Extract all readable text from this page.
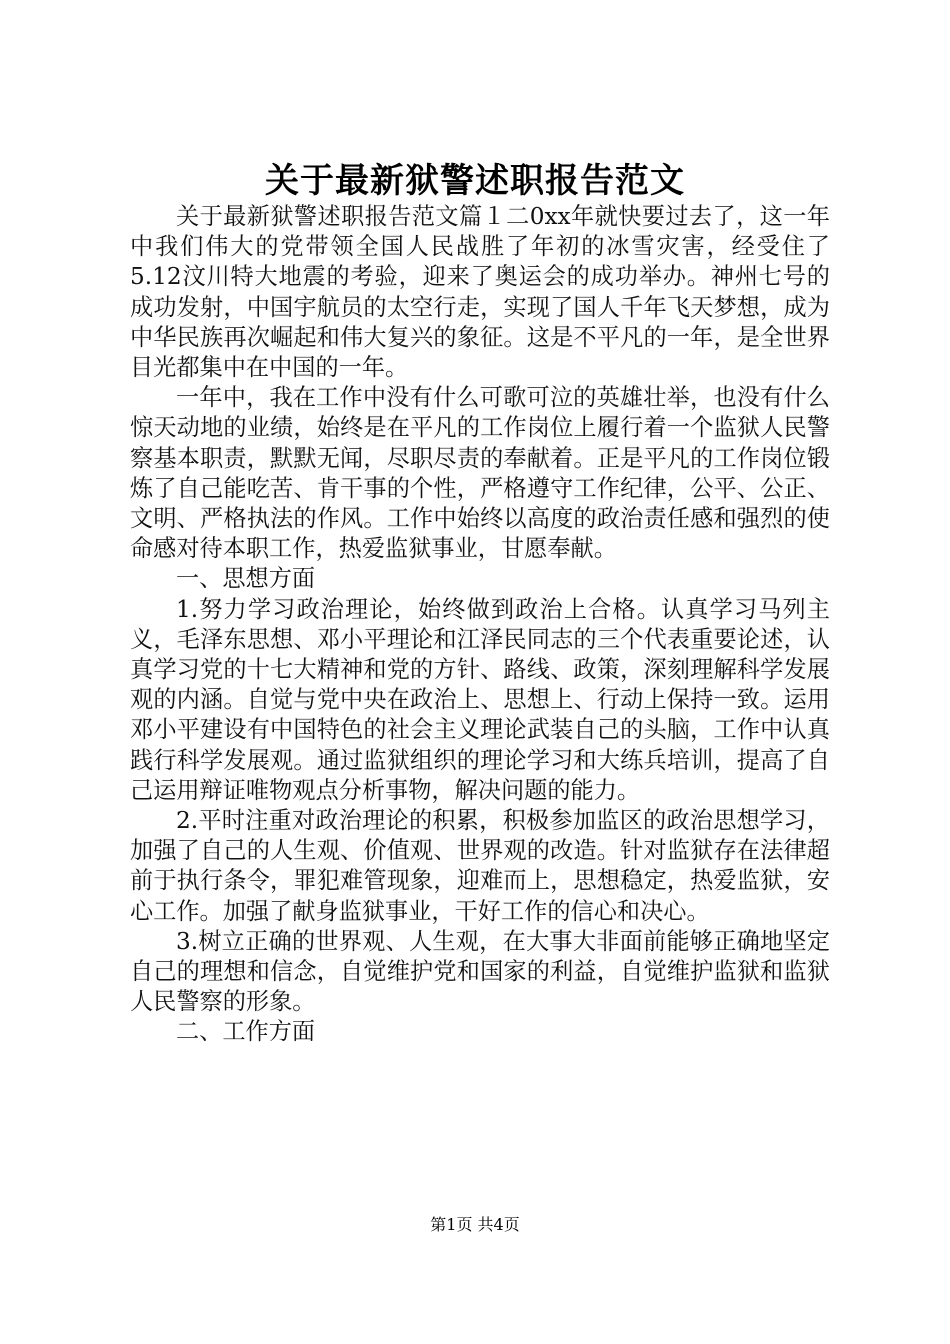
关于最新狱警述职报告范文

关于最新狱警述职报告范文篇１二0xx年就快要过去了，这一年中我们伟大的党带领全国人民战胜了年初的冰雪灾害，经受住了5.12汶川特大地震的考验，迎来了奥运会的成功举办。神州七号的成功发射，中国宇航员的太空行走，实现了国人千年飞天梦想，成为中华民族再次崛起和伟大复兴的象征。这是不平凡的一年，是全世界目光都集中在中国的一年。

一年中，我在工作中没有什么可歌可泣的英雄壮举，也没有什么惊天动地的业绩，始终是在平凡的工作岗位上履行着一个监狱人民警察基本职责，默默无闻，尽职尽责的奉献着。正是平凡的工作岗位锻炼了自己能吃苦、肯干事的个性，严格遵守工作纪律，公平、公正、文明、严格执法的作风。工作中始终以高度的政治责任感和强烈的使命感对待本职工作，热爱监狱事业，甘愿奉献。

一、思想方面

1.努力学习政治理论，始终做到政治上合格。认真学习马列主义，毛泽东思想、邓小平理论和江泽民同志的三个代表重要论述，认真学习党的十七大精神和党的方针、路线、政策，深刻理解科学发展观的内涵。自觉与党中央在政治上、思想上、行动上保持一致。运用邓小平建设有中国特色的社会主义理论武装自己的头脑，工作中认真践行科学发展观。通过监狱组织的理论学习和大练兵培训，提高了自己运用辩证唯物观点分析事物，解决问题的能力。

2.平时注重对政治理论的积累，积极参加监区的政治思想学习，加强了自己的人生观、价值观、世界观的改造。针对监狱存在法律超前于执行条令，罪犯难管现象，迎难而上，思想稳定，热爱监狱，安心工作。加强了献身监狱事业，干好工作的信心和决心。

3.树立正确的世界观、人生观，在大事大非面前能够正确地坚定自己的理想和信念，自觉维护党和国家的利益，自觉维护监狱和监狱人民警察的形象。

二、工作方面

第1页 共4页
